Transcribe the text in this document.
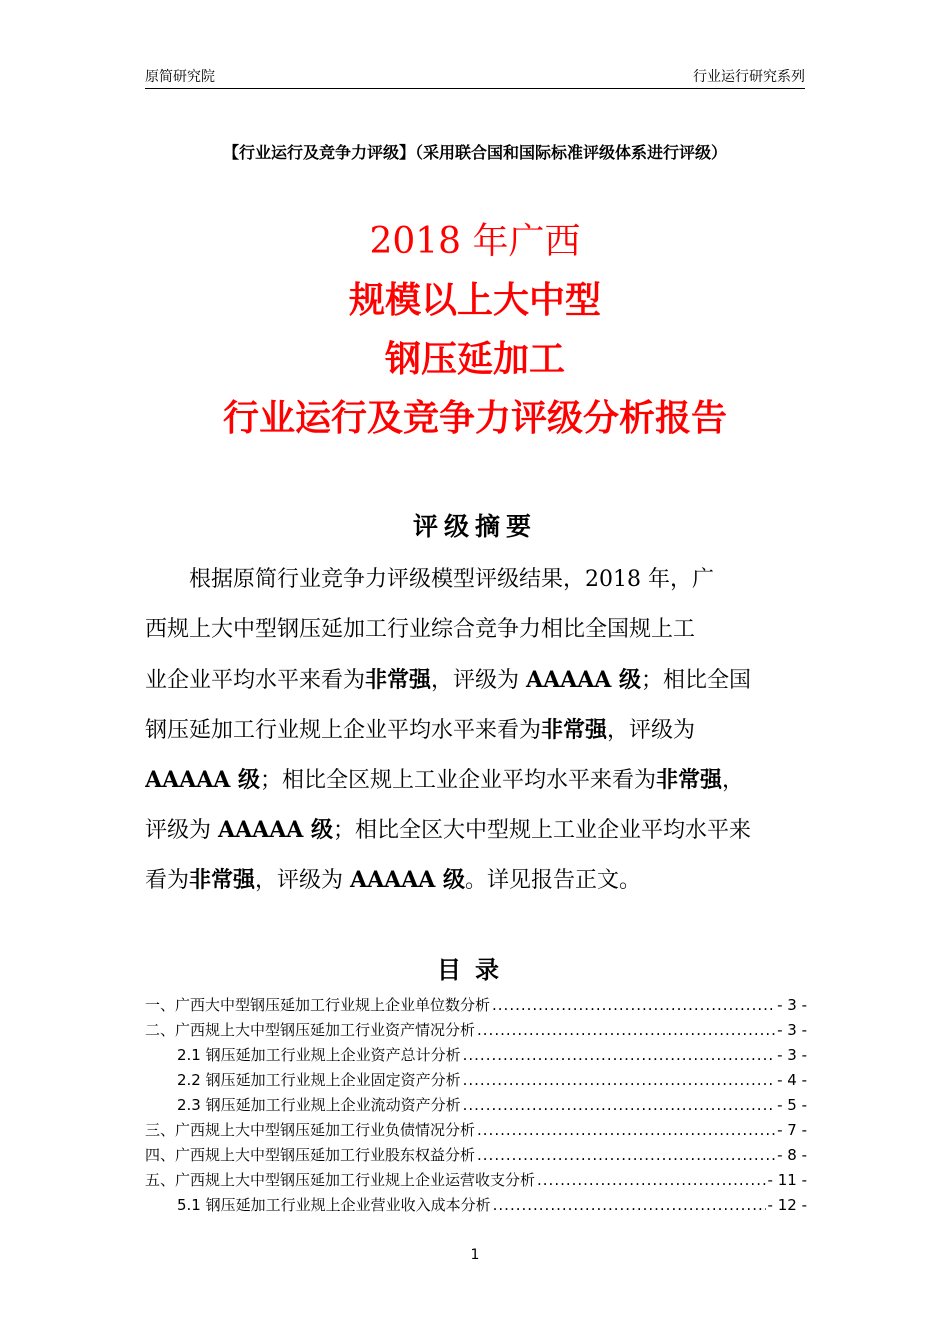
原简研究院	行业运行研究系列
【行业运行及竞争力评级】（采用联合国和国际标准评级体系进行评级）
2018 年广西
规模以上大中型
钢压延加工
行业运行及竞争力评级分析报告
评级摘要
根据原简行业竞争力评级模型评级结果，2018 年，广
西规上大中型钢压延加工行业综合竞争力相比全国规上工
业企业平均水平来看为非常强，评级为 AAAAA 级；相比全国
钢压延加工行业规上企业平均水平来看为非常强，评级为
AAAAA 级；相比全区规上工业企业平均水平来看为非常强，
评级为 AAAAA 级；相比全区大中型规上工业企业平均水平来
看为非常强，评级为 AAAAA 级。详见报告正文。
目录
一、广西大中型钢压延加工行业规上企业单位数分析 .....	- 3 -
二、广西规上大中型钢压延加工行业资产情况分析 .....	- 3 -
2.1 钢压延加工行业规上企业资产总计分析 .....	- 3 -
2.2 钢压延加工行业规上企业固定资产分析 .....	- 4 -
2.3 钢压延加工行业规上企业流动资产分析 .....	- 5 -
三、广西规上大中型钢压延加工行业负债情况分析 .....	- 7 -
四、广西规上大中型钢压延加工行业股东权益分析 .....	- 8 -
五、广西规上大中型钢压延加工行业规上企业运营收支分析 .....	- 11 -
5.1 钢压延加工行业规上企业营业收入成本分析 .....	- 12 -
1
